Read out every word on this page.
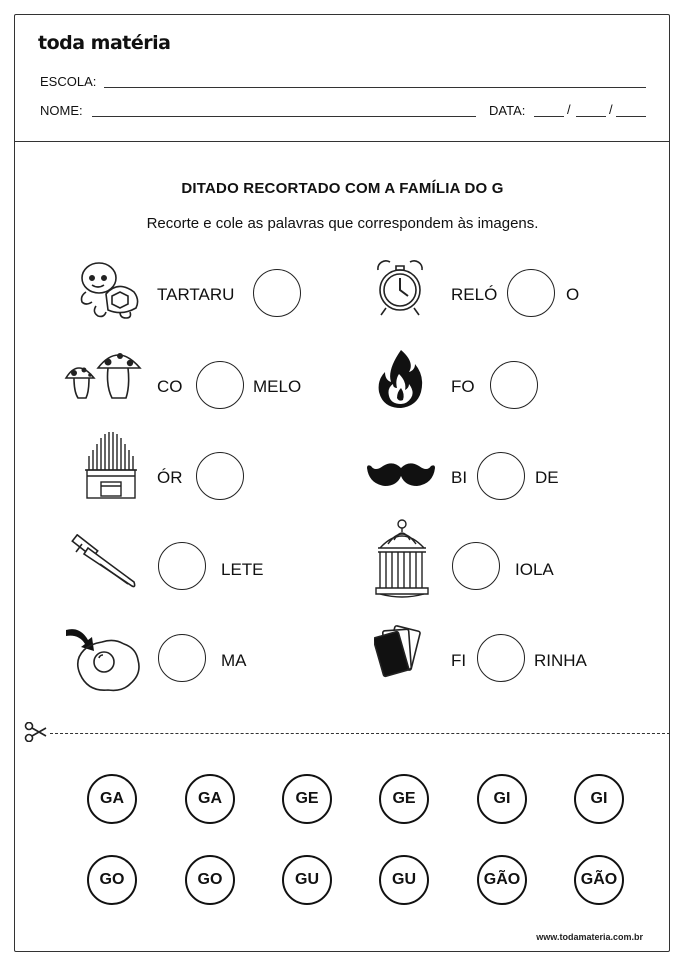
toda matéria
ESCOLA:
NOME:	DATA:	/	/
DITADO RECORTADO COM A FAMÍLIA DO G
Recorte e cole as palavras que correspondem às imagens.
TARTARU
CO	MELO
ÓR
LETE
MA
RELÓ	O
FO
BI	DE
IOLA
FI	RINHA
GA	GA	GE	GE	GI	GI
GO	GO	GU	GU	GÃO	GÃO
www.todamateria.com.br
